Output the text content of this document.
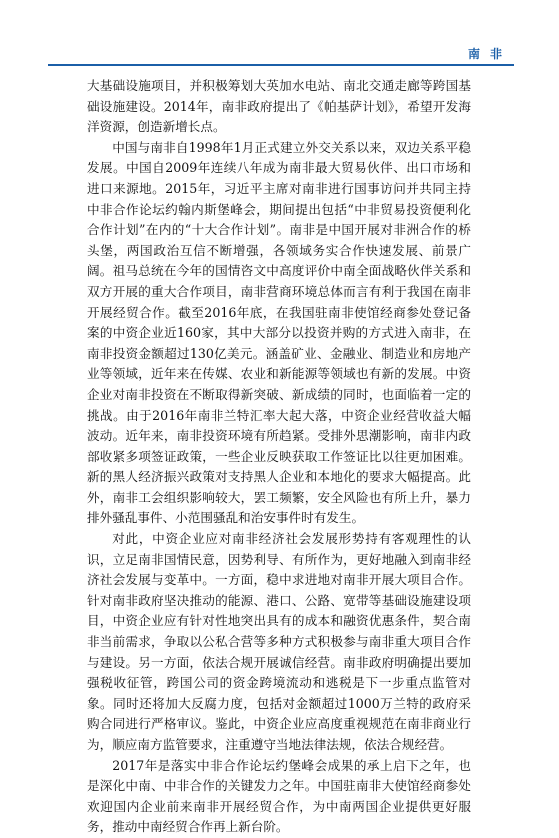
南非

大基础设施项目，并积极筹划大英加水电站、南北交通走廊等跨国基础设施建设。2014年，南非政府提出了《帕基萨计划》，希望开发海洋资源，创造新增长点。

中国与南非自1998年1月正式建立外交关系以来，双边关系平稳发展。中国自2009年连续八年成为南非最大贸易伙伴、出口市场和进口来源地。2015年，习近平主席对南非进行国事访问并共同主持中非合作论坛约翰内斯堡峰会，期间提出包括“中非贸易投资便利化合作计划”在内的“十大合作计划”。南非是中国开展对非洲合作的桥头堡，两国政治互信不断增强，各领域务实合作快速发展、前景广阔。祖马总统在今年的国情咨文中高度评价中南全面战略伙伴关系和双方开展的重大合作项目，南非营商环境总体而言有利于我国在南非开展经贸合作。截至2016年底，在我国驻南非使馆经商参处登记备案的中资企业近160家，其中大部分以投资并购的方式进入南非，在南非投资金额超过130亿美元。涵盖矿业、金融业、制造业和房地产业等领域，近年来在传媒、农业和新能源等领域也有新的发展。中资企业对南非投资在不断取得新突破、新成绩的同时，也面临着一定的挑战。由于2016年南非兰特汇率大起大落，中资企业经营收益大幅波动。近年来，南非投资环境有所趋紧。受排外思潮影响，南非内政部收紧多项签证政策，一些企业反映获取工作签证比以往更加困难。新的黑人经济振兴政策对支持黑人企业和本地化的要求大幅提高。此外，南非工会组织影响较大，罢工频繁，安全风险也有所上升，暴力排外骚乱事件、小范围骚乱和治安事件时有发生。

对此，中资企业应对南非经济社会发展形势持有客观理性的认识，立足南非国情民意，因势利导、有所作为，更好地融入到南非经济社会发展与变革中。一方面，稳中求进地对南非开展大项目合作。针对南非政府坚决推动的能源、港口、公路、宽带等基础设施建设项目，中资企业应有针对性地突出具有的成本和融资优惠条件，契合南非当前需求，争取以公私合营等多种方式积极参与南非重大项目合作与建设。另一方面，依法合规开展诚信经营。南非政府明确提出要加强税收征管，跨国公司的资金跨境流动和逃税是下一步重点监管对象。同时还将加大反腐力度，包括对金额超过1000万兰特的政府采购合同进行严格审议。鉴此，中资企业应高度重视规范在南非商业行为，顺应南方监管要求，注重遵守当地法律法规，依法合规经营。

2017年是落实中非合作论坛约堡峰会成果的承上启下之年，也是深化中南、中非合作的关键发力之年。中国驻南非大使馆经商参处欢迎国内企业前来南非开展经贸合作，为中南两国企业提供更好服务，推动中南经贸合作再上新台阶。
